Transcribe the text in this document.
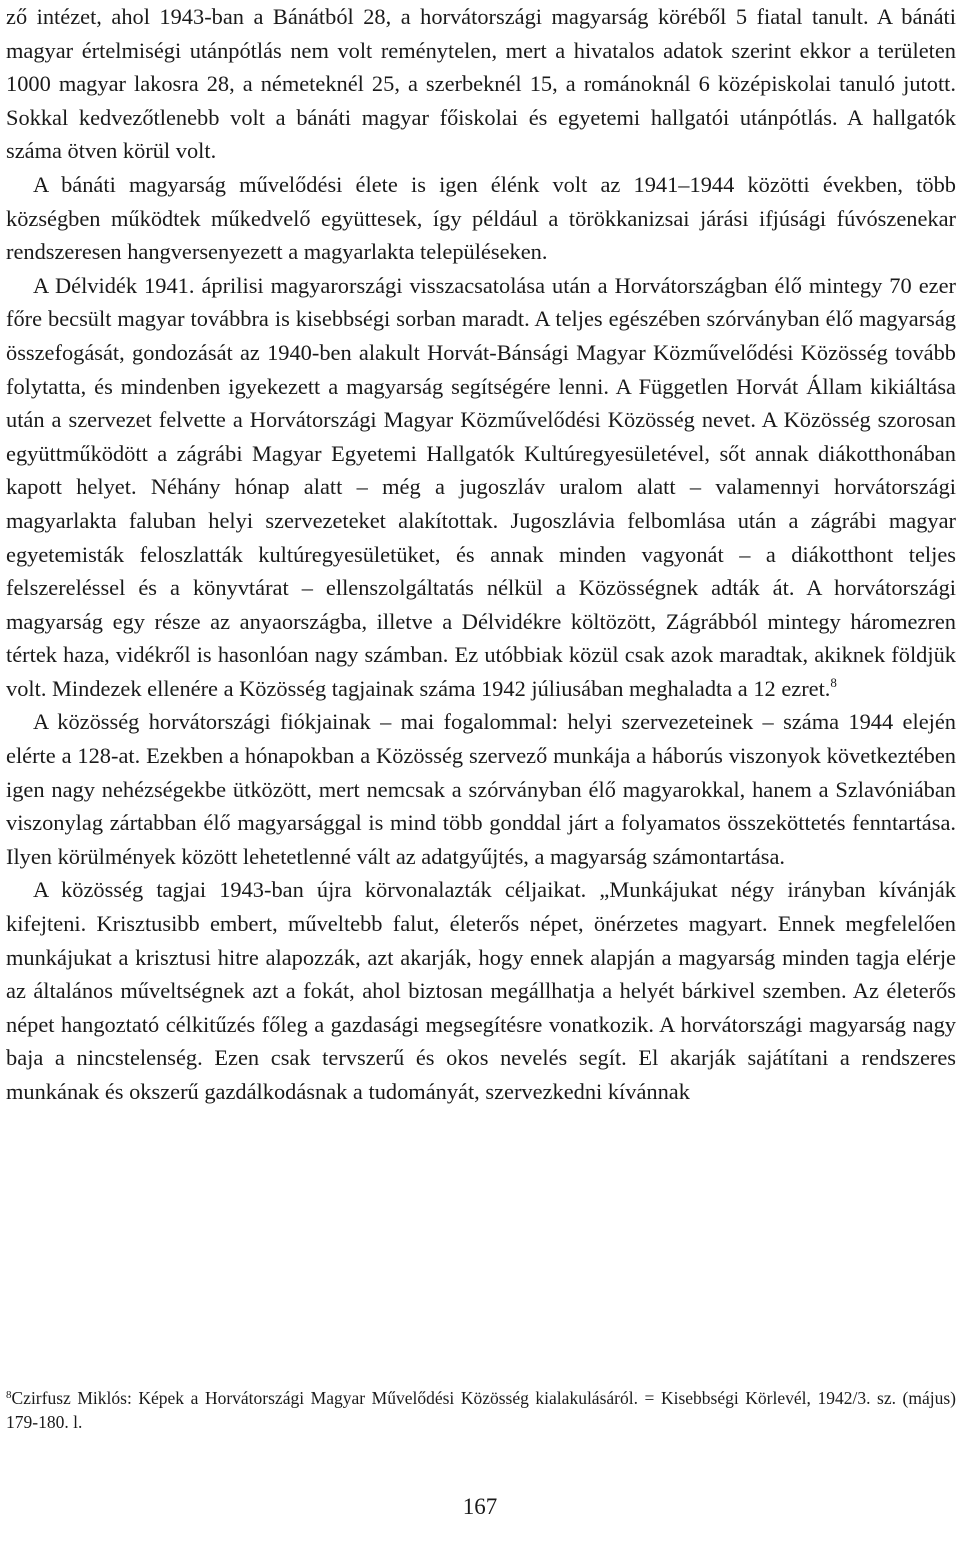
ző intézet, ahol 1943-ban a Bánátból 28, a horvátországi magyarság köréből 5 fiatal tanult. A bánáti magyar értelmiségi utánpótlás nem volt reménytelen, mert a hivatalos adatok szerint ekkor a területen 1000 magyar lakosra 28, a németeknél 25, a szerbeknél 15, a románoknál 6 középiskolai tanuló jutott. Sokkal kedvezőtlenebb volt a bánáti magyar főiskolai és egyetemi hallgatói utánpótlás. A hallgatók száma ötven körül volt.

A bánáti magyarság művelődési élete is igen élénk volt az 1941–1944 közötti években, több községben működtek műkedvelő együttesek, így például a törökkanizsai járási ifjúsági fúvószenekar rendszeresen hangversenyezett a magyarlakta településeken.

A Délvidék 1941. áprilisi magyarországi visszacsatolása után a Horvátországban élő mintegy 70 ezer főre becsült magyar továbbra is kisebbségi sorban maradt. A teljes egészében szórványban élő magyarság összefogását, gondozását az 1940-ben alakult Horvát-Bánsági Magyar Közművelődési Közösség tovább folytatta, és mindenben igyekezett a magyarság segítségére lenni. A Független Horvát Állam kikiáltása után a szervezet felvette a Horvátországi Magyar Közművelődési Közösség nevet. A Közösség szorosan együttműködött a zágrábi Magyar Egyetemi Hallgatók Kultúregyesületével, sőt annak diákotthonában kapott helyet. Néhány hónap alatt – még a jugoszláv uralom alatt – valamennyi horvátországi magyarlakta faluban helyi szervezeteket alakítottak. Jugoszlávia felbomlása után a zágrábi magyar egyetemisták feloszlatták kultúregyesületüket, és annak minden vagyonát – a diákotthont teljes felszereléssel és a könyvtárat – ellenszolgáltatás nélkül a Közösségnek adták át. A horvátországi magyarság egy része az anyaországba, illetve a Délvidékre költözött, Zágrábból mintegy háromezren tértek haza, vidékről is hasonlóan nagy számban. Ez utóbbiak közül csak azok maradtak, akiknek földjük volt. Mindezek ellenére a Közösség tagjainak száma 1942 júliusában meghaladta a 12 ezret.$^8$

A közösség horvátországi fiókjainak – mai fogalommal: helyi szervezeteinek – száma 1944 elején elérte a 128-at. Ezekben a hónapokban a Közösség szervező munkája a háborús viszonyok következtében igen nagy nehézségekbe ütközött, mert nemcsak a szórványban élő magyarokkal, hanem a Szlavóniában viszonylag zártabban élő magyarsággal is mind több gonddal járt a folyamatos összeköttetés fenntartása. Ilyen körülmények között lehetetlenné vált az adatgyűjtés, a magyarság számontartása.

A közösség tagjai 1943-ban újra körvonalazták céljaikat. „Munkájukat négy irányban kívánják kifejteni. Krisztusibb embert, műveltebb falut, életerős népet, önérzetes magyart. Ennek megfelelően munkájukat a krisztusi hitre alapozzák, azt akarják, hogy ennek alapján a magyarság minden tagja elérje az általános műveltségnek azt a fokát, ahol biztosan megállhatja a helyét bárkivel szemben. Az életerős népet hangoztató célkitűzés főleg a gazdasági megsegítésre vonatkozik. A horvátországi magyarság nagy baja a nincstelenség. Ezen csak tervszerű és okos nevelés segít. El akarják sajátítani a rendszeres munkának és okszerű gazdálkodásnak a tudományát, szervezkedni kívánnak

$^8$Czirfusz Miklós: Képek a Horvátországi Magyar Művelődési Közösség kialakulásáról. = Kisebbségi Körlevél, 1942/3. sz. (május) 179-180. l.
167
